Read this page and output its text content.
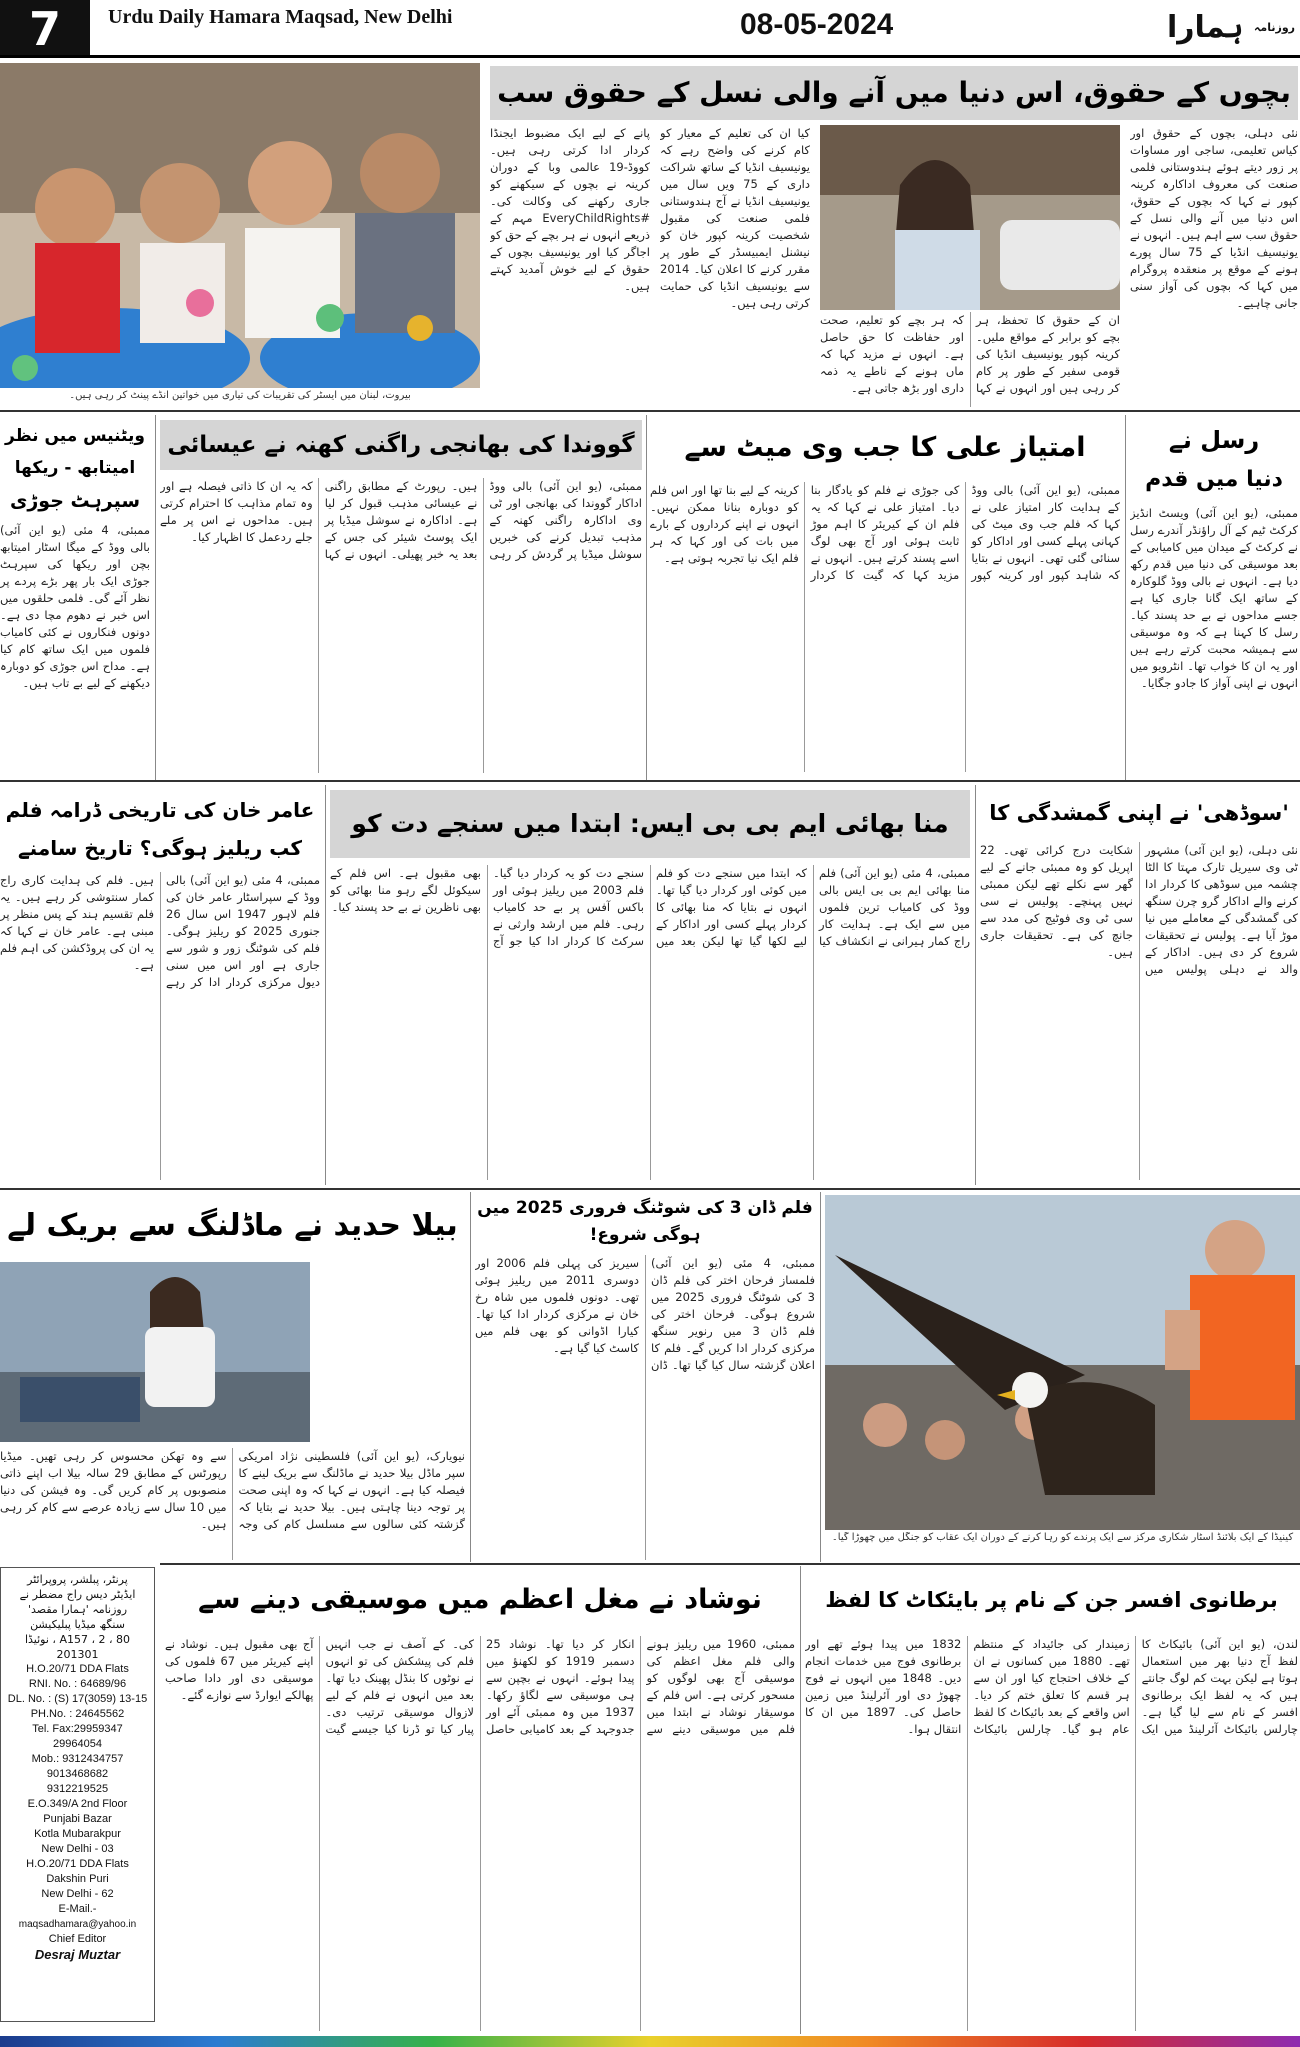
7	Urdu Daily Hamara Maqsad, New Delhi	08-05-2024	$^{روزنامہ}$ ہمارا
بیروت، لبنان میں ایسٹر کی تقریبات کی تیاری میں خواتین انڈے پینٹ کر رہی ہیں۔
بچوں کے حقوق، اس دنیا میں آنے والی نسل کے حقوق سب
نئی دہلی، بچوں کے حقوق اور کیاس تعلیمی، ساجی اور مساوات پر زور دیتے ہوئے ہندوستانی فلمی صنعت کی معروف اداکارہ کرینہ کپور نے کہا کہ بچوں کے حقوق، اس دنیا میں آنے والی نسل کے حقوق سب سے اہم ہیں۔ انہوں نے یونیسیف انڈیا کے 75 سال پورے ہونے کے موقع پر منعقدہ پروگرام میں کہا کہ بچوں کی آواز سنی جانی چاہیے۔
ان کے حقوق کا تحفظ، ہر بچے کو برابر کے مواقع ملیں۔ کرینہ کپور یونیسیف انڈیا کی قومی سفیر کے طور پر کام کر رہی ہیں اور انہوں نے کہا کہ ہر بچے کو تعلیم، صحت اور حفاظت کا حق حاصل ہے۔ انہوں نے مزید کہا کہ ماں ہونے کے ناطے یہ ذمہ داری اور بڑھ جاتی ہے۔
کیا ان کی تعلیم کے معیار کو کام کرنے کی واضح رہے کہ یونیسیف انڈیا کے ساتھ شراکت داری کے 75 ویں سال میں یونیسیف انڈیا نے آج ہندوستانی فلمی صنعت کی مقبول شخصیت کرینہ کپور خان کو نیشنل ایمبیسڈر کے طور پر مقرر کرنے کا اعلان کیا۔ 2014 سے یونیسیف انڈیا کی حمایت کرتی رہی ہیں۔
پانے کے لیے ایک مضبوط ایجنڈا کردار ادا کرتی رہی ہیں۔ کووڈ-19 عالمی وبا کے دوران کرینہ نے بچوں کے سیکھنے کو جاری رکھنے کی وکالت کی۔ #EveryChildRights مہم کے ذریعے انہوں نے ہر بچے کے حق کو اجاگر کیا اور یونیسیف بچوں کے حقوق کے لیے خوش آمدید کہتے ہیں۔
رسل نے
دنیا میں قدم
ممبئی، (یو این آئی) ویسٹ انڈیز کرکٹ ٹیم کے آل راؤنڈر آندرے رسل نے کرکٹ کے میدان میں کامیابی کے بعد موسیقی کی دنیا میں قدم رکھ دیا ہے۔ انہوں نے بالی ووڈ گلوکارہ کے ساتھ ایک گانا جاری کیا ہے جسے مداحوں نے بے حد پسند کیا۔ رسل کا کہنا ہے کہ وہ موسیقی سے ہمیشہ محبت کرتے رہے ہیں اور یہ ان کا خواب تھا۔ انٹرویو میں انہوں نے اپنی آواز کا جادو جگایا۔
امتیاز علی کا جب وی میٹ سے
ممبئی، (یو این آئی) بالی ووڈ کے ہدایت کار امتیاز علی نے کہا کہ فلم جب وی میٹ کی کہانی پہلے کسی اور اداکار کو سنائی گئی تھی۔ انہوں نے بتایا کہ شاہد کپور اور کرینہ کپور کی جوڑی نے فلم کو یادگار بنا دیا۔ امتیاز علی نے کہا کہ یہ فلم ان کے کیریئر کا اہم موڑ ثابت ہوئی اور آج بھی لوگ اسے پسند کرتے ہیں۔ انہوں نے مزید کہا کہ گیت کا کردار کرینہ کے لیے بنا تھا اور اس فلم کو دوبارہ بنانا ممکن نہیں۔ انہوں نے اپنے کرداروں کے بارے میں بات کی اور کہا کہ ہر فلم ایک نیا تجربہ ہوتی ہے۔
گووندا کی بھانجی راگنی کھنہ نے عیسائی
ممبئی، (یو این آئی) بالی ووڈ اداکار گووندا کی بھانجی اور ٹی وی اداکارہ راگنی کھنہ کے مذہب تبدیل کرنے کی خبریں سوشل میڈیا پر گردش کر رہی ہیں۔ رپورٹ کے مطابق راگنی نے عیسائی مذہب قبول کر لیا ہے۔ اداکارہ نے سوشل میڈیا پر ایک پوسٹ شیئر کی جس کے بعد یہ خبر پھیلی۔ انہوں نے کہا کہ یہ ان کا ذاتی فیصلہ ہے اور وہ تمام مذاہب کا احترام کرتی ہیں۔ مداحوں نے اس پر ملے جلے ردعمل کا اظہار کیا۔
ویٹنیس میں نظر
امیتابھ - ریکھا
سپرہٹ جوڑی
ممبئی، 4 مئی (یو این آئی) بالی ووڈ کے میگا اسٹار امیتابھ بچن اور ریکھا کی سپرہٹ جوڑی ایک بار پھر بڑے پردے پر نظر آئے گی۔ فلمی حلقوں میں اس خبر نے دھوم مچا دی ہے۔ دونوں فنکاروں نے کئی کامیاب فلموں میں ایک ساتھ کام کیا ہے۔ مداح اس جوڑی کو دوبارہ دیکھنے کے لیے بے تاب ہیں۔
عامر خان کی تاریخی ڈرامہ فلم
کب ریلیز ہوگی؟ تاریخ سامنے
ممبئی، 4 مئی (یو این آئی) بالی ووڈ کے سپراسٹار عامر خان کی فلم لاہور 1947 اس سال 26 جنوری 2025 کو ریلیز ہوگی۔ فلم کی شوٹنگ زور و شور سے جاری ہے اور اس میں سنی دیول مرکزی کردار ادا کر رہے ہیں۔ فلم کی ہدایت کاری راج کمار سنتوشی کر رہے ہیں۔ یہ فلم تقسیم ہند کے پس منظر پر مبنی ہے۔ عامر خان نے کہا کہ یہ ان کی پروڈکشن کی اہم فلم ہے۔
منا بھائی ایم بی بی ایس: ابتدا میں سنجے دت کو
ممبئی، 4 مئی (یو این آئی) فلم منا بھائی ایم بی بی ایس بالی ووڈ کی کامیاب ترین فلموں میں سے ایک ہے۔ ہدایت کار راج کمار ہیرانی نے انکشاف کیا کہ ابتدا میں سنجے دت کو فلم میں کوئی اور کردار دیا گیا تھا۔ انہوں نے بتایا کہ منا بھائی کا کردار پہلے کسی اور اداکار کے لیے لکھا گیا تھا لیکن بعد میں سنجے دت کو یہ کردار دیا گیا۔ فلم 2003 میں ریلیز ہوئی اور باکس آفس پر بے حد کامیاب رہی۔ فلم میں ارشد وارثی نے سرکٹ کا کردار ادا کیا جو آج بھی مقبول ہے۔ اس فلم کے سیکوئل لگے رہو منا بھائی کو بھی ناظرین نے بے حد پسند کیا۔
'سوڈھی' نے اپنی گمشدگی کا
نئی دہلی، (یو این آئی) مشہور ٹی وی سیریل تارک مہتا کا الٹا چشمہ میں سوڈھی کا کردار ادا کرنے والے اداکار گرو چرن سنگھ کی گمشدگی کے معاملے میں نیا موڑ آیا ہے۔ پولیس نے تحقیقات شروع کر دی ہیں۔ اداکار کے والد نے دہلی پولیس میں شکایت درج کرائی تھی۔ 22 اپریل کو وہ ممبئی جانے کے لیے گھر سے نکلے تھے لیکن ممبئی نہیں پہنچے۔ پولیس نے سی سی ٹی وی فوٹیج کی مدد سے جانچ کی ہے۔ تحقیقات جاری ہیں۔
بیلا حدید نے ماڈلنگ سے بریک لے
نیویارک، (یو این آئی) فلسطینی نژاد امریکی سپر ماڈل بیلا حدید نے ماڈلنگ سے بریک لینے کا فیصلہ کیا ہے۔ انہوں نے کہا کہ وہ اپنی صحت پر توجہ دینا چاہتی ہیں۔ بیلا حدید نے بتایا کہ گزشتہ کئی سالوں سے مسلسل کام کی وجہ سے وہ تھکن محسوس کر رہی تھیں۔ میڈیا رپورٹس کے مطابق 29 سالہ بیلا اب اپنے ذاتی منصوبوں پر کام کریں گی۔ وہ فیشن کی دنیا میں 10 سال سے زیادہ عرصے سے کام کر رہی ہیں۔
فلم ڈان 3 کی شوٹنگ فروری 2025 میں ہوگی شروع!
ممبئی، 4 مئی (یو این آئی) فلمساز فرحان اختر کی فلم ڈان 3 کی شوٹنگ فروری 2025 میں شروع ہوگی۔ فرحان اختر کی فلم ڈان 3 میں رنویر سنگھ مرکزی کردار ادا کریں گے۔ فلم کا اعلان گزشتہ سال کیا گیا تھا۔ ڈان سیریز کی پہلی فلم 2006 اور دوسری 2011 میں ریلیز ہوئی تھی۔ دونوں فلموں میں شاہ رخ خان نے مرکزی کردار ادا کیا تھا۔ کیارا اڈوانی کو بھی فلم میں کاسٹ کیا گیا ہے۔
کینیڈا کے ایک بلائنڈ اسٹار شکاری مرکز سے ایک پرندے کو رہا کرنے کے دوران ایک عقاب کو جنگل میں چھوڑا گیا۔
پرنٹر، پبلشر، پروپرائٹر
ایڈیٹر دیس راج مضطر نے
روزنامہ 'ہمارا مقصد'
سنگھ میڈیا پبلیکیشن
A157 ، 2 ، 80 ، نوئیڈا 201301
H.O.20/71 DDA Flats
RNI. No. : 64689/96
DL. No. : (S) 17(3059) 13-15
PH.No. : 24645562
Tel. Fax:29959347
29964054
Mob.: 9312434757
9013468682
9312219525
E.O.349/A 2nd Floor
Punjabi Bazar
Kotla Mubarakpur
New Delhi - 03
H.O.20/71 DDA Flats
Dakshin Puri
New Delhi - 62
E-Mail.-
maqsadhamara@yahoo.in
Chief Editor
Desraj Muztar
نوشاد نے مغل اعظم میں موسیقی دینے سے
ممبئی، 1960 میں ریلیز ہونے والی فلم مغل اعظم کی موسیقی آج بھی لوگوں کو مسحور کرتی ہے۔ اس فلم کے موسیقار نوشاد نے ابتدا میں فلم میں موسیقی دینے سے انکار کر دیا تھا۔ نوشاد 25 دسمبر 1919 کو لکھنؤ میں پیدا ہوئے۔ انہوں نے بچپن سے ہی موسیقی سے لگاؤ رکھا۔ 1937 میں وہ ممبئی آئے اور جدوجہد کے بعد کامیابی حاصل کی۔ کے آصف نے جب انہیں فلم کی پیشکش کی تو انہوں نے نوٹوں کا بنڈل پھینک دیا تھا۔ بعد میں انہوں نے فلم کے لیے لازوال موسیقی ترتیب دی۔ پیار کیا تو ڈرنا کیا جیسے گیت آج بھی مقبول ہیں۔ نوشاد نے اپنے کیریئر میں 67 فلموں کی موسیقی دی اور دادا صاحب پھالکے ایوارڈ سے نوازے گئے۔
برطانوی افسر جن کے نام پر بایئکاٹ کا لفظ
لندن، (یو این آئی) بائیکاٹ کا لفظ آج دنیا بھر میں استعمال ہوتا ہے لیکن بہت کم لوگ جانتے ہیں کہ یہ لفظ ایک برطانوی افسر کے نام سے لیا گیا ہے۔ چارلس بائیکاٹ آئرلینڈ میں ایک زمیندار کی جائیداد کے منتظم تھے۔ 1880 میں کسانوں نے ان کے خلاف احتجاج کیا اور ان سے ہر قسم کا تعلق ختم کر دیا۔ اس واقعے کے بعد بائیکاٹ کا لفظ عام ہو گیا۔ چارلس بائیکاٹ 1832 میں پیدا ہوئے تھے اور برطانوی فوج میں خدمات انجام دیں۔ 1848 میں انہوں نے فوج چھوڑ دی اور آئرلینڈ میں زمین حاصل کی۔ 1897 میں ان کا انتقال ہوا۔
